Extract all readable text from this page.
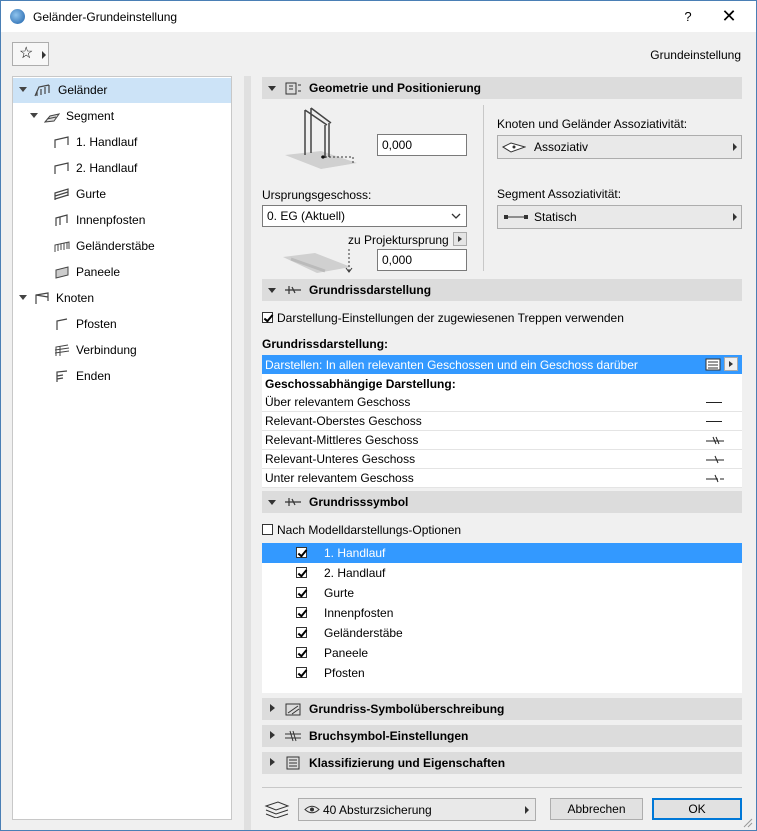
Geländer-Grundeinstellung	?	✕
☆	Grundeinstellung
Geländer
Segment
1. Handlauf
2. Handlauf
Gurte
Innenpfosten
Geländerstäbe
Paneele
Knoten
Pfosten
Verbindung
Enden
Geometrie und Positionierung
0,000
Ursprungsgeschoss:
0. EG (Aktuell)
zu Projektursprung
0,000
Knoten und Geländer Assoziativität:
Assoziativ
Segment Assoziativität:
Statisch
Grundrissdarstellung
Darstellung-Einstellungen der zugewiesenen Treppen verwenden
Grundrissdarstellung:
Darstellen: In allen relevanten Geschossen und ein Geschoss darüber
Geschossabhängige Darstellung:
Über relevantem Geschoss
Relevant-Oberstes Geschoss
Relevant-Mittleres Geschoss
Relevant-Unteres Geschoss
Unter relevantem Geschoss
Grundrisssymbol
Nach Modelldarstellungs-Optionen
1. Handlauf
2. Handlauf
Gurte
Innenpfosten
Geländerstäbe
Paneele
Pfosten
Grundriss-Symbolüberschreibung
Bruchsymbol-Einstellungen
Klassifizierung und Eigenschaften
40 Absturzsicherung	Abbrechen	OK
